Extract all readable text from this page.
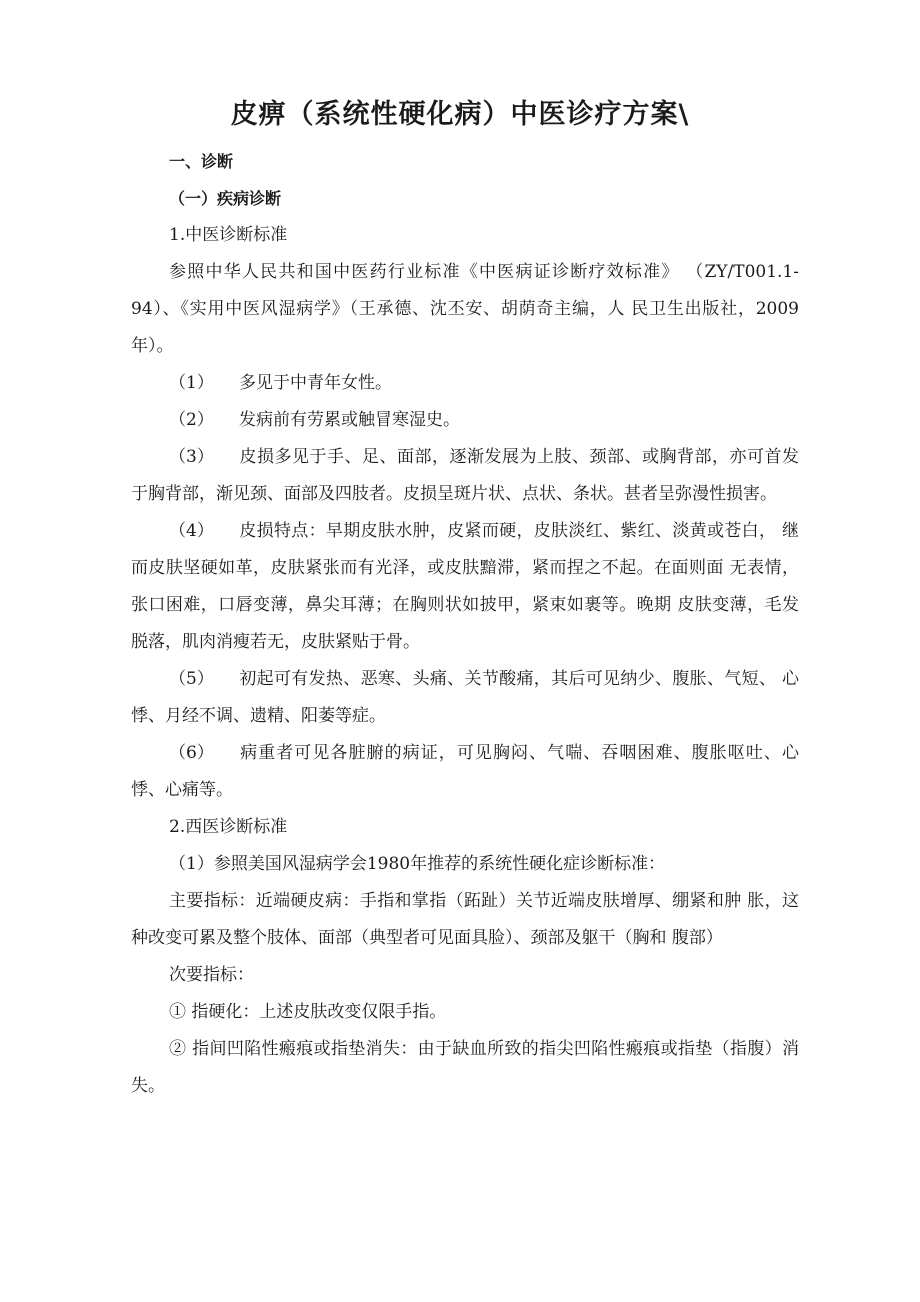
皮痹（系统性硬化病）中医诊疗方案\

一、诊断

（一）疾病诊断

1.中医诊断标准

参照中华人民共和国中医药行业标准《中医病证诊断疗效标准》 （ZY/T001.1-94）、《实用中医风湿病学》（王承德、沈丕安、胡荫奇主编，人 民卫生出版社，2009年）。

（1） 多见于中青年女性。

（2） 发病前有劳累或触冒寒湿史。

（3） 皮损多见于手、足、面部，逐渐发展为上肢、颈部、或胸背部，亦可首发于胸背部，渐见颈、面部及四肢者。皮损呈斑片状、点状、条状。甚者呈弥漫性损害。

（4） 皮损特点：早期皮肤水肿，皮紧而硬，皮肤淡红、紫红、淡黄或苍白， 继而皮肤坚硬如革，皮肤紧张而有光泽，或皮肤黯滞，紧而捏之不起。在面则面 无表情，张口困难，口唇变薄，鼻尖耳薄；在胸则状如披甲，紧束如裹等。晚期 皮肤变薄，毛发脱落，肌肉消瘦若无，皮肤紧贴于骨。

（5） 初起可有发热、恶寒、头痛、关节酸痛，其后可见纳少、腹胀、气短、 心悸、月经不调、遗精、阳萎等症。

（6） 病重者可见各脏腑的病证，可见胸闷、气喘、吞咽困难、腹胀呕吐、心悸、心痛等。

2.西医诊断标准

（1）参照美国风湿病学会1980年推荐的系统性硬化症诊断标准：

主要指标：近端硬皮病：手指和掌指（跖趾）关节近端皮肤增厚、绷紧和肿 胀，这种改变可累及整个肢体、面部（典型者可见面具脸）、颈部及躯干（胸和 腹部）

次要指标：

① 指硬化：上述皮肤改变仅限手指。

② 指间凹陷性瘢痕或指垫消失：由于缺血所致的指尖凹陷性瘢痕或指垫（指腹）消失。
